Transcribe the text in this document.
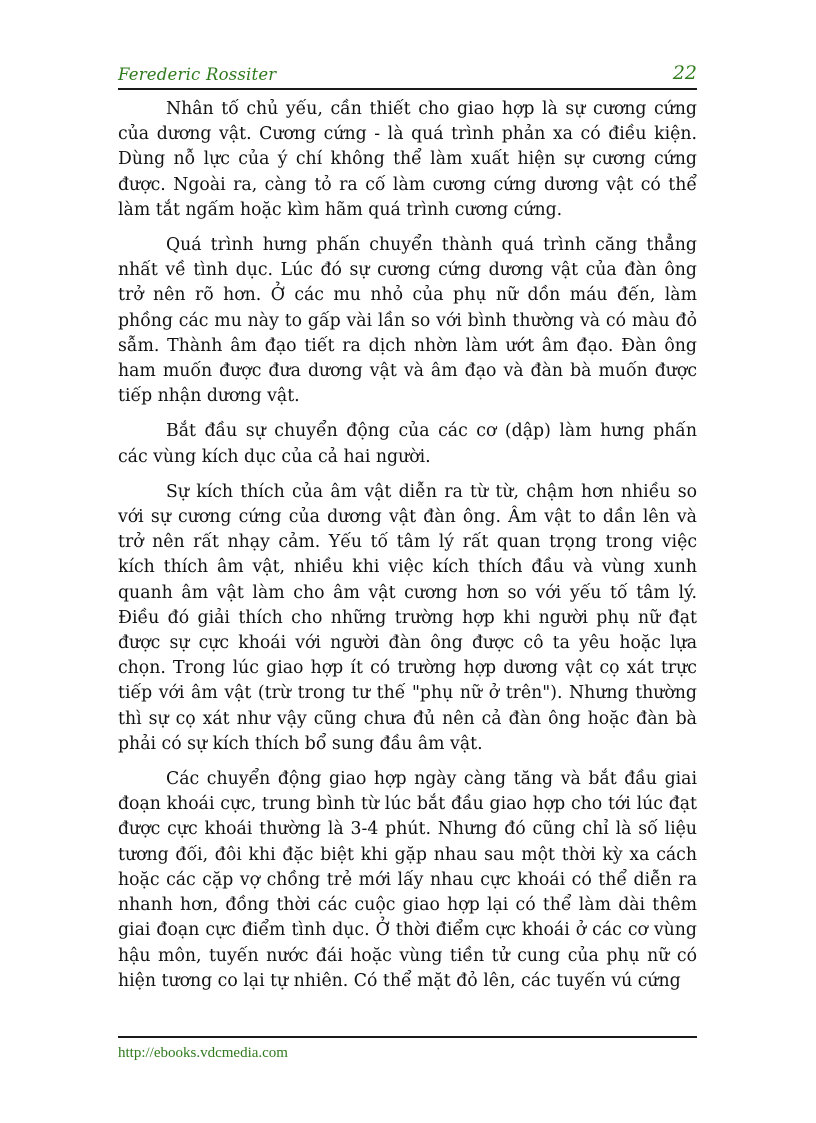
Ferederic Rossiter	22

Nhân tố chủ yếu, cần thiết cho giao hợp là sự cương cứng của dương vật. Cương cứng - là quá trình phản xa có điều kiện. Dùng nỗ lực của ý chí không thể làm xuất hiện sự cương cứng được. Ngoài ra, càng tỏ ra cố làm cương cứng dương vật có thể làm tắt ngấm hoặc kìm hãm quá trình cương cứng.

Quá trình hưng phấn chuyển thành quá trình căng thẳng nhất về tình dục. Lúc đó sự cương cứng dương vật của đàn ông trở nên rõ hơn. Ở các mu nhỏ của phụ nữ dồn máu đến, làm phồng các mu này to gấp vài lần so với bình thường và có màu đỏ sẫm. Thành âm đạo tiết ra dịch nhờn làm ướt âm đạo. Đàn ông ham muốn được đưa dương vật và âm đạo và đàn bà muốn được tiếp nhận dương vật.

Bắt đầu sự chuyển động của các cơ (dập) làm hưng phấn các vùng kích dục của cả hai người.

Sự kích thích của âm vật diễn ra từ từ, chậm hơn nhiều so với sự cương cứng của dương vật đàn ông. Âm vật to dần lên và trở nên rất nhạy cảm. Yếu tố tâm lý rất quan trọng trong việc kích thích âm vật, nhiều khi việc kích thích đầu và vùng xunh quanh âm vật làm cho âm vật cương hơn so với yếu tố tâm lý. Điều đó giải thích cho những trường hợp khi người phụ nữ đạt được sự cực khoái với người đàn ông được cô ta yêu hoặc lựa chọn. Trong lúc giao hợp ít có trường hợp dương vật cọ xát trực tiếp với âm vật (trừ trong tư thế "phụ nữ ở trên"). Nhưng thường thì sự cọ xát như vậy cũng chưa đủ nên cả đàn ông hoặc đàn bà phải có sự kích thích bổ sung đầu âm vật.

Các chuyển động giao hợp ngày càng tăng và bắt đầu giai đoạn khoái cực, trung bình từ lúc bắt đầu giao hợp cho tới lúc đạt được cực khoái thường là 3-4 phút. Nhưng đó cũng chỉ là số liệu tương đối, đôi khi đặc biệt khi gặp nhau sau một thời kỳ xa cách hoặc các cặp vợ chồng trẻ mới lấy nhau cực khoái có thể diễn ra nhanh hơn, đồng thời các cuộc giao hợp lại có thể làm dài thêm giai đoạn cực điểm tình dục. Ở thời điểm cực khoái ở các cơ vùng hậu môn, tuyến nước đái hoặc vùng tiền tử cung của phụ nữ có hiện tương co lại tự nhiên. Có thể mặt đỏ lên, các tuyến vú cứng

http://ebooks.vdcmedia.com
